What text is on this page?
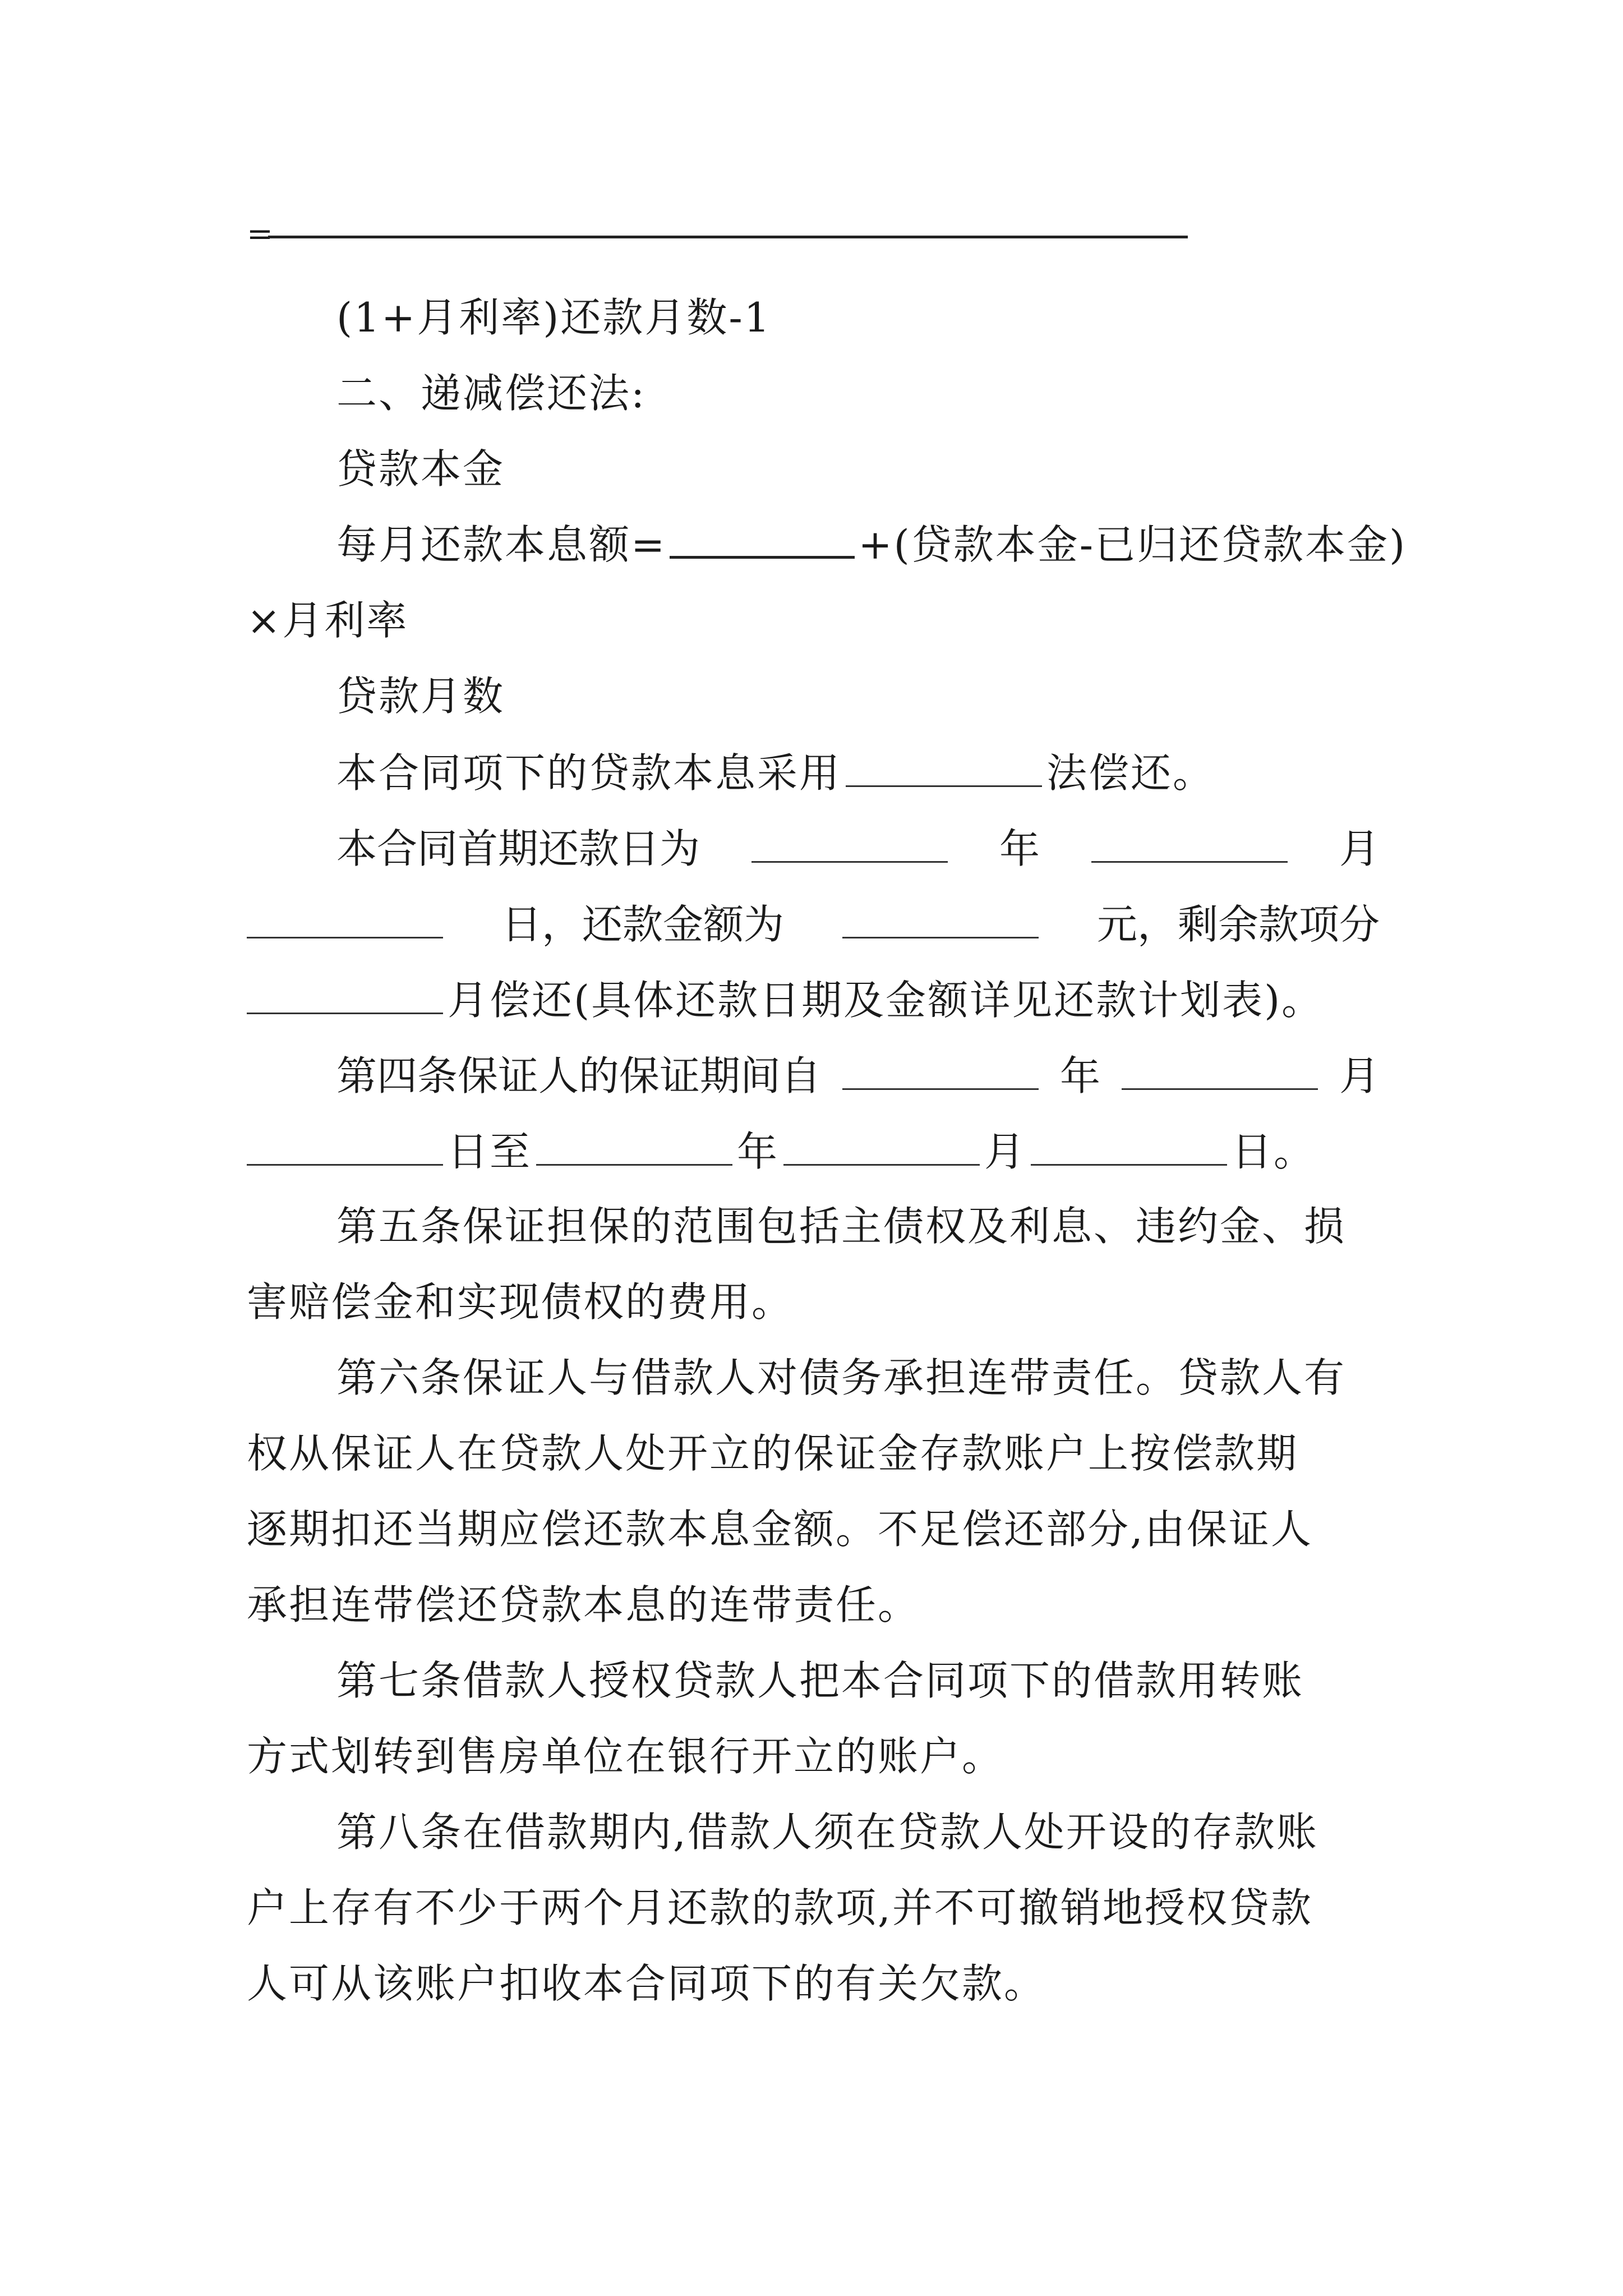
=
(1+月利率)还款月数-1
二、递减偿还法:
贷款本金
每月还款本息额=	+(贷款本金-已归还贷款本金)
×月利率
贷款月数
本合同项下的贷款本息采用	法偿还。
本合同首期还款日为	年	月
日，还款金额为	元，剩余款项分
月偿还(具体还款日期及金额详见还款计划表)。
第四条保证人的保证期间自	年	月
日至	年	月	日。
第五条保证担保的范围包括主债权及利息、违约金、损
害赔偿金和实现债权的费用。
第六条保证人与借款人对债务承担连带责任。贷款人有
权从保证人在贷款人处开立的保证金存款账户上按偿款期
逐期扣还当期应偿还款本息金额。不足偿还部分,由保证人
承担连带偿还贷款本息的连带责任。
第七条借款人授权贷款人把本合同项下的借款用转账
方式划转到售房单位在银行开立的账户。
第八条在借款期内,借款人须在贷款人处开设的存款账
户上存有不少于两个月还款的款项,并不可撤销地授权贷款
人可从该账户扣收本合同项下的有关欠款。
